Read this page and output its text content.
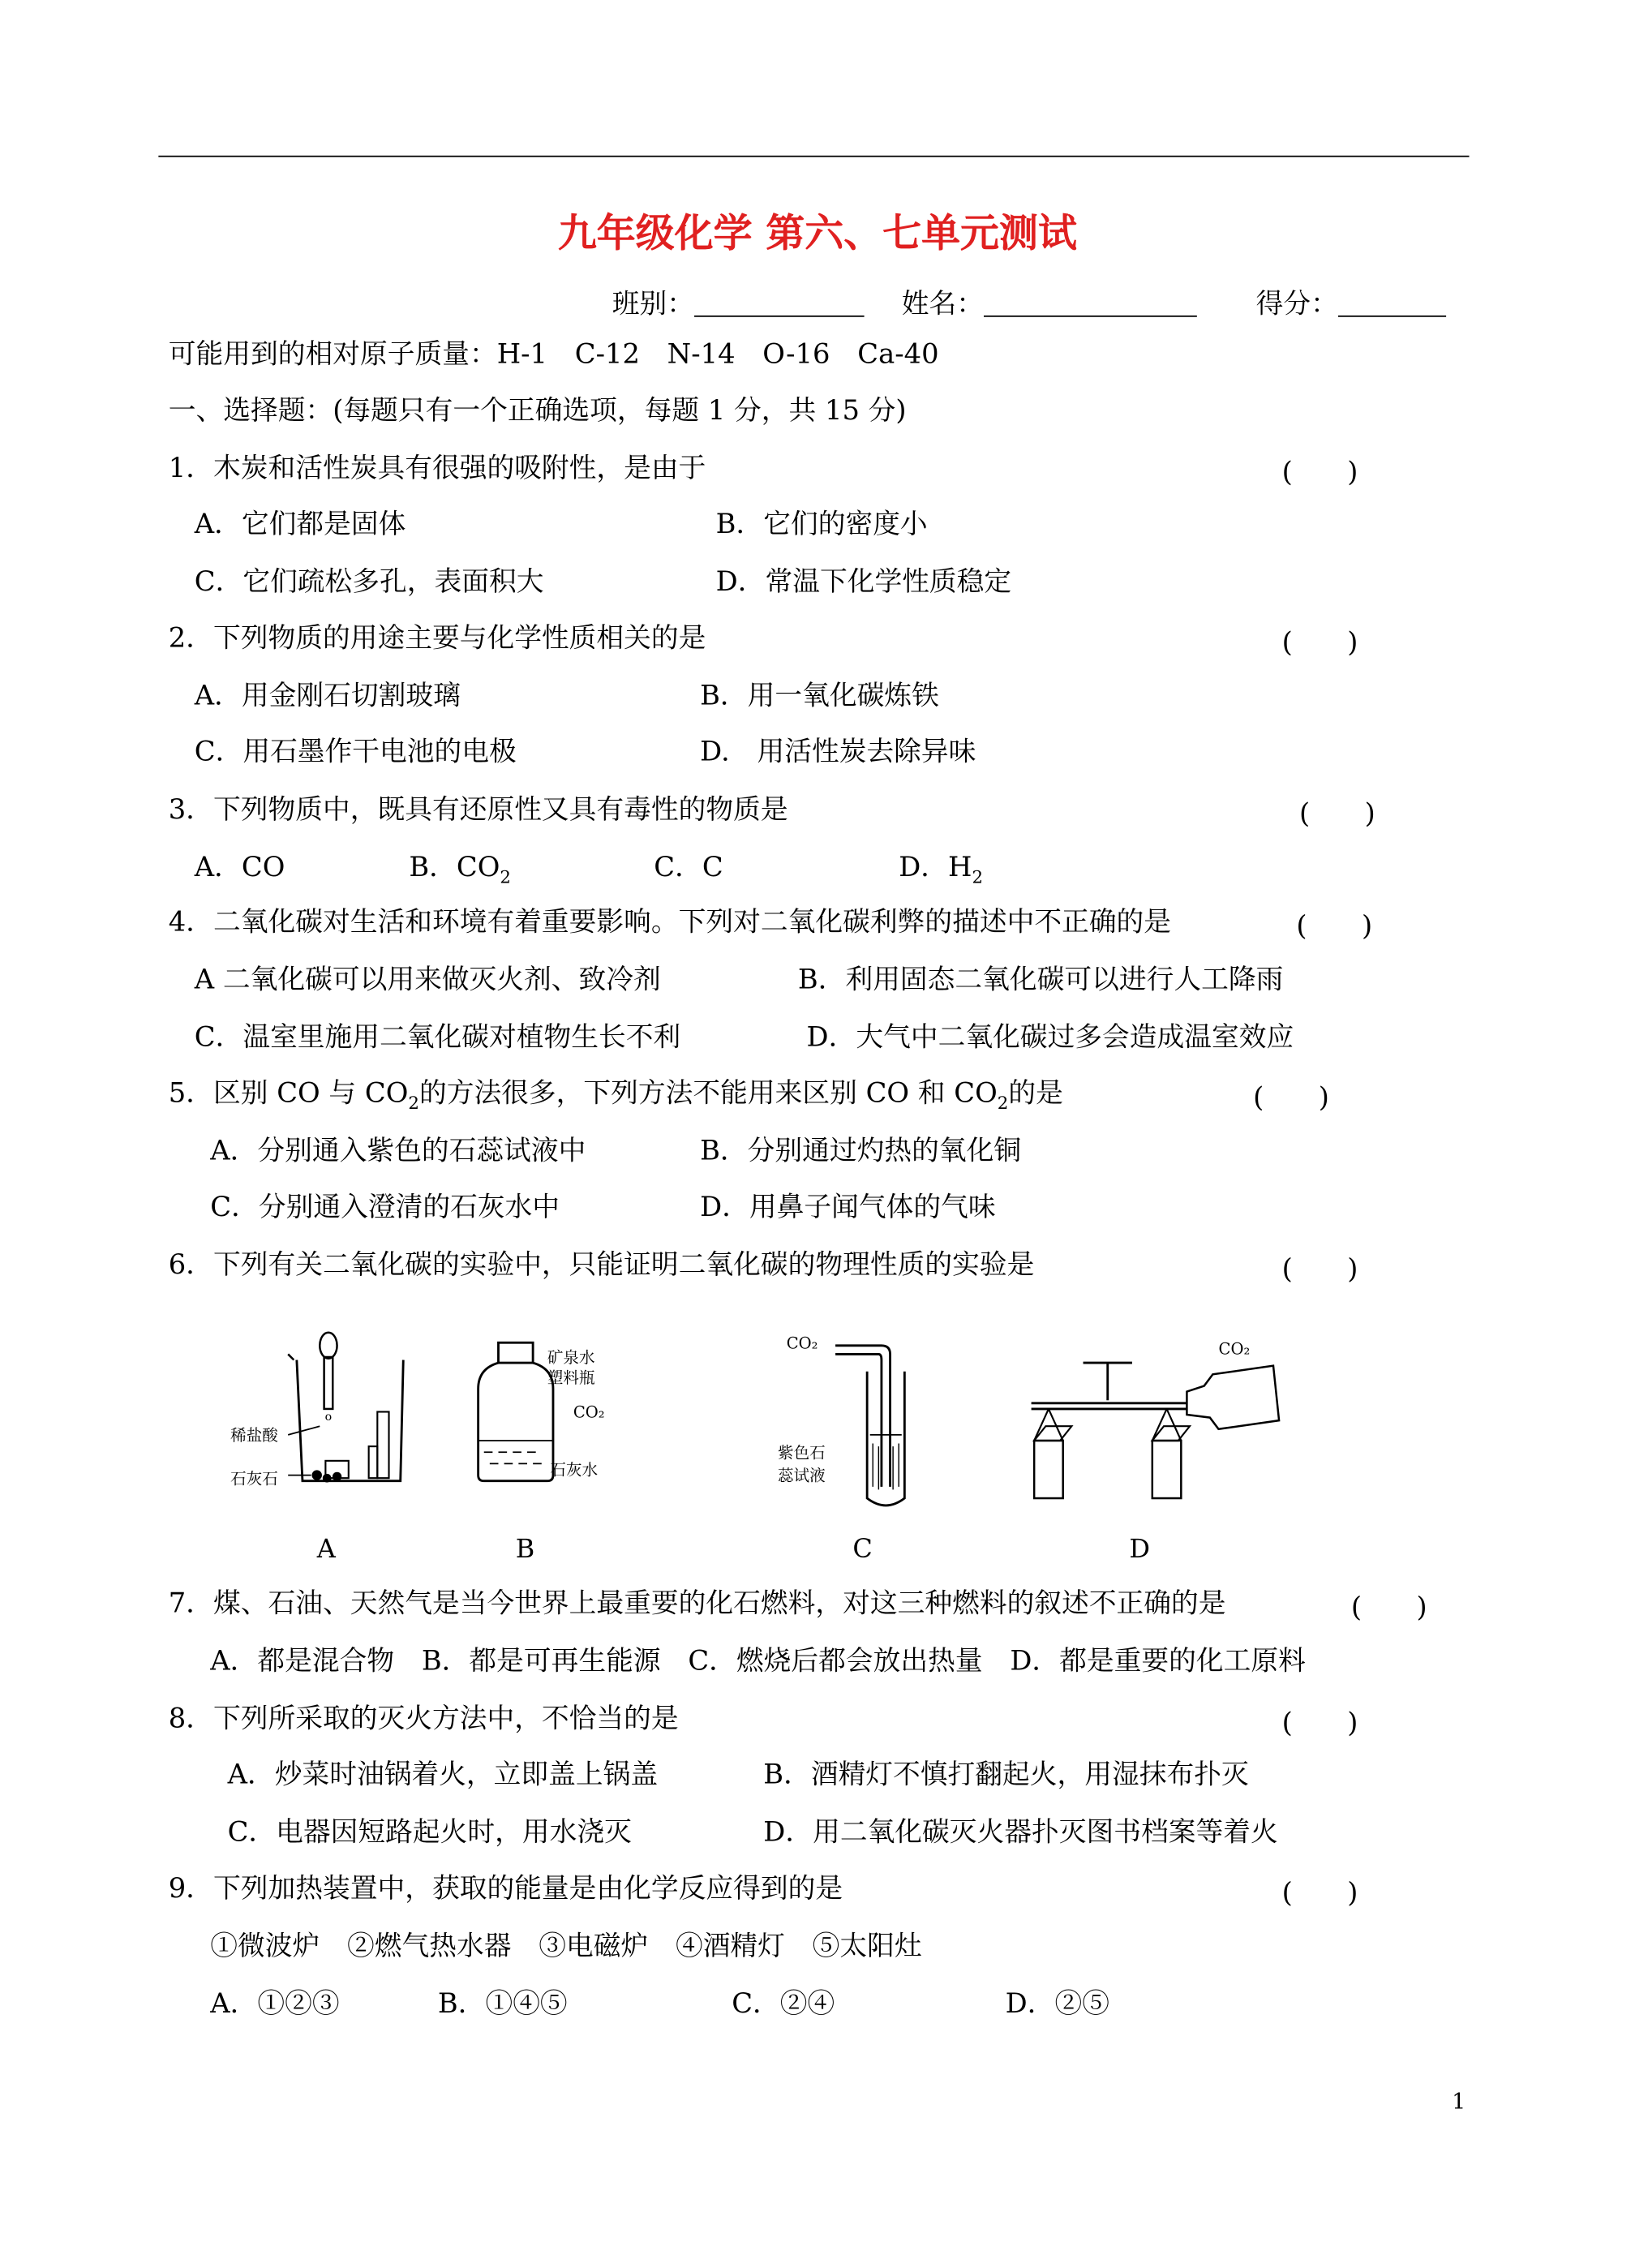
九年级化学 第六、七单元测试
班别：	姓名：	得分：
可能用到的相对原子质量：H-1　C-12　N-14　O-16　Ca-40
一、选择题：(每题只有一个正确选项，每题 1 分，共 15 分)
1．木炭和活性炭具有很强的吸附性，是由于	(　　)
A．它们都是固体	B．它们的密度小
C．它们疏松多孔，表面积大	D．常温下化学性质稳定
2．下列物质的用途主要与化学性质相关的是	(　　)
A．用金刚石切割玻璃	B．用一氧化碳炼铁
C．用石墨作干电池的电极	D.　用活性炭去除异味
3．下列物质中，既具有还原性又具有毒性的物质是	(　　)
A．CO	B．$CO_2$	C．C	D．$H_2$
4．二氧化碳对生活和环境有着重要影响。下列对二氧化碳利弊的描述中不正确的是	(　　)
A 二氧化碳可以用来做灭火剂、致冷剂	B．利用固态二氧化碳可以进行人工降雨
C．温室里施用二氧化碳对植物生长不利	D．大气中二氧化碳过多会造成温室效应
5．区别 CO 与 $CO_2$的方法很多，下列方法不能用来区别 CO 和 $CO_2$的是	(　　)
A．分别通入紫色的石蕊试液中	B．分别通过灼热的氧化铜
C．分别通入澄清的石灰水中	D．用鼻子闻气体的气味
6．下列有关二氧化碳的实验中，只能证明二氧化碳的物理性质的实验是	(　　)
o
稀盐酸
石灰石
矿泉水
塑料瓶
CO₂
石灰水
CO₂
紫色石
蕊试液
CO₂
A	B	C	D
7．煤、石油、天然气是当今世界上最重要的化石燃料，对这三种燃料的叙述不正确的是	(　　)
A．都是混合物　B．都是可再生能源　C．燃烧后都会放出热量　D．都是重要的化工原料
8．下列所采取的灭火方法中，不恰当的是	(　　)
A．炒菜时油锅着火，立即盖上锅盖	B．酒精灯不慎打翻起火，用湿抹布扑灭
C．电器因短路起火时，用水浇灭	D．用二氧化碳灭火器扑灭图书档案等着火
9．下列加热装置中，获取的能量是由化学反应得到的是	(　　)
①微波炉　②燃气热水器　③电磁炉　④酒精灯　⑤太阳灶
A．①②③	B．①④⑤	C．②④	D．②⑤
1
